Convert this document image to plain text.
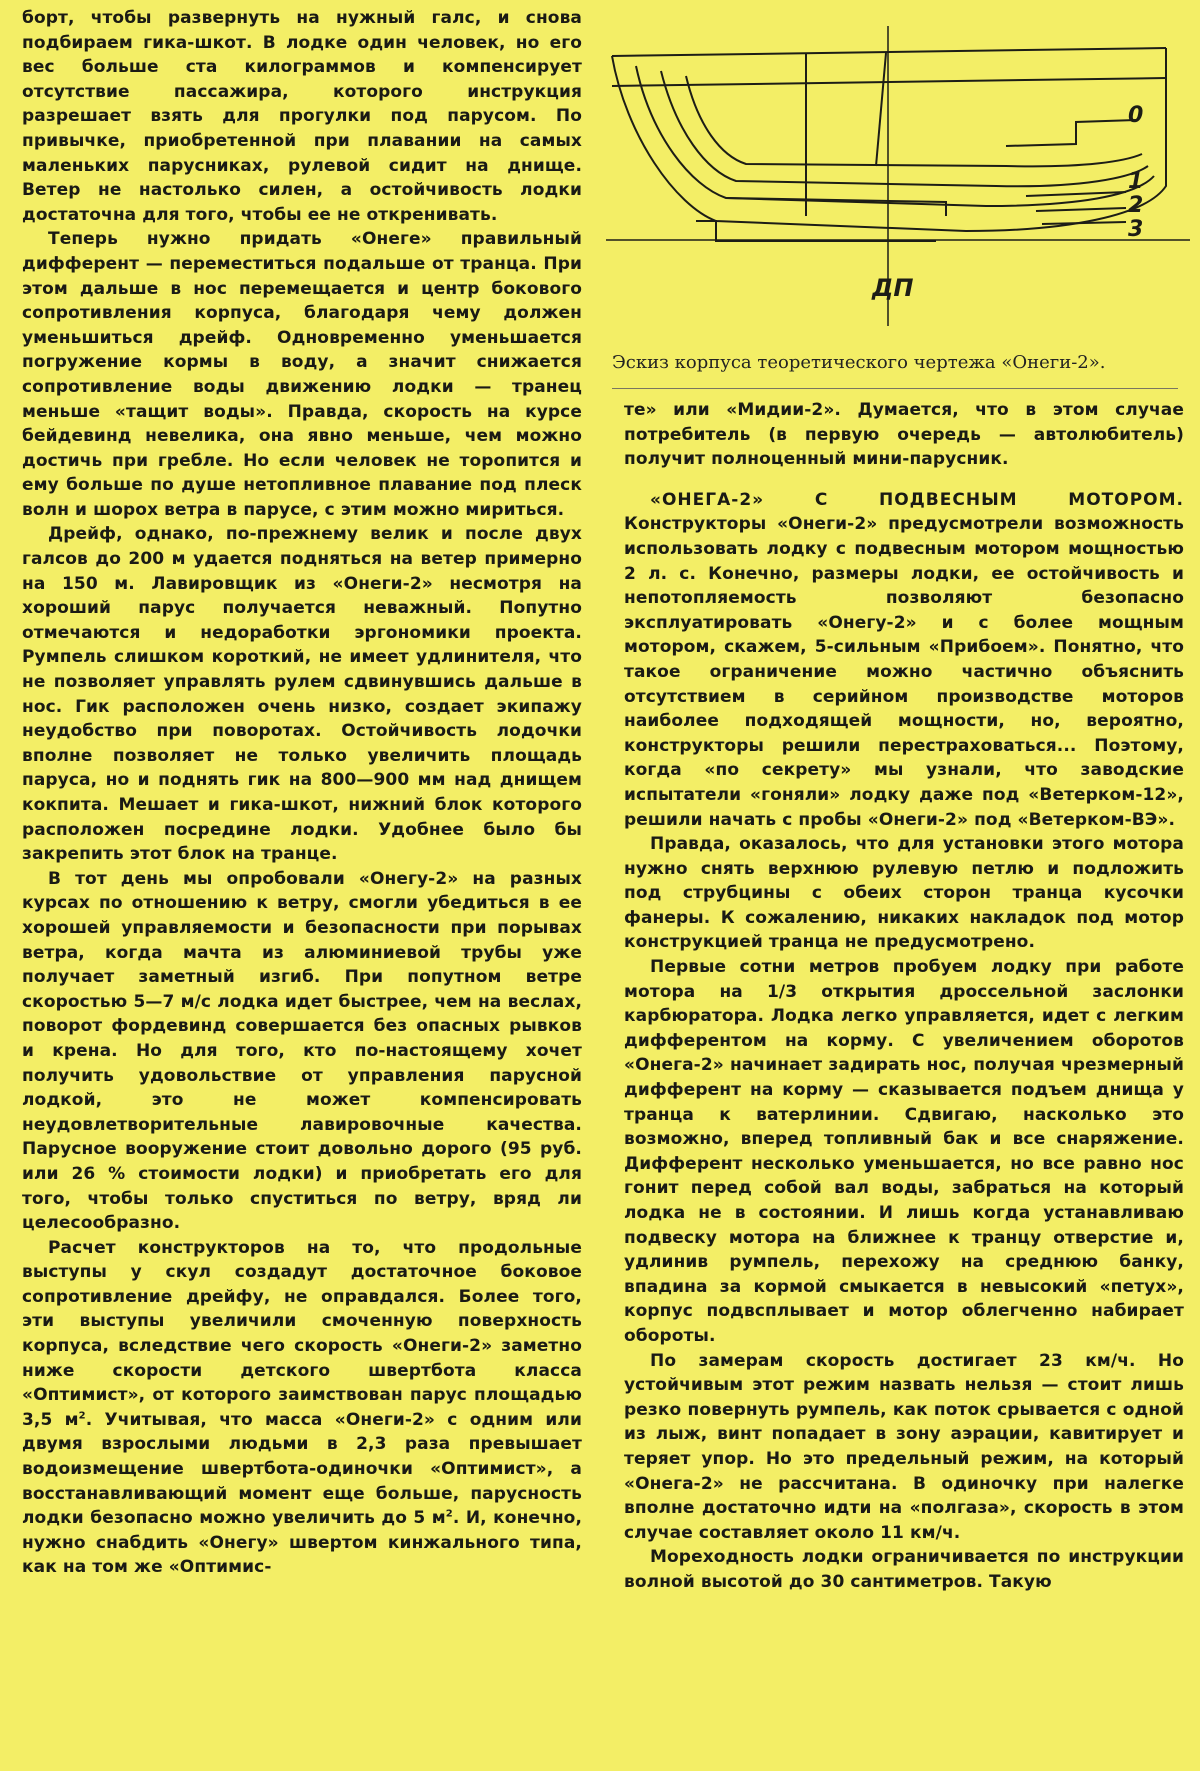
борт, чтобы развернуть на нужный галс, и снова подбираем гика-шкот. В лодке один человек, но его вес больше ста килограммов и компенсирует отсутствие пассажира, которого инструкция разрешает взять для прогулки под парусом. По привычке, приобретенной при плавании на самых маленьких парусниках, рулевой сидит на днище. Ветер не настолько силен, а остойчивость лодки достаточна для того, чтобы ее не откренивать.

Теперь нужно придать «Онеге» правильный дифферент — переместиться подальше от транца. При этом дальше в нос перемещается и центр бокового сопротивления корпуса, благодаря чему должен уменьшиться дрейф. Одновременно уменьшается погружение кормы в воду, а значит снижается сопротивление воды движению лодки — транец меньше «тащит воды». Правда, скорость на курсе бейдевинд невелика, она явно меньше, чем можно достичь при гребле. Но если человек не торопится и ему больше по душе нетопливное плавание под плеск волн и шорох ветра в парусе, с этим можно мириться.

Дрейф, однако, по-прежнему велик и после двух галсов до 200 м удается подняться на ветер примерно на 150 м. Лавировщик из «Онеги-2» несмотря на хороший парус получается неважный. Попутно отмечаются и недоработки эргономики проекта. Румпель слишком короткий, не имеет удлинителя, что не позволяет управлять рулем сдвинувшись дальше в нос. Гик расположен очень низко, создает экипажу неудобство при поворотах. Остойчивость лодочки вполне позволяет не только увеличить площадь паруса, но и поднять гик на 800—900 мм над днищем кокпита. Мешает и гика-шкот, нижний блок которого расположен посредине лодки. Удобнее было бы закрепить этот блок на транце.

В тот день мы опробовали «Онегу-2» на разных курсах по отношению к ветру, смогли убедиться в ее хорошей управляемости и безопасности при порывах ветра, когда мачта из алюминиевой трубы уже получает заметный изгиб. При попутном ветре скоростью 5—7 м/с лодка идет быстрее, чем на веслах, поворот фордевинд совершается без опасных рывков и крена. Но для того, кто по-настоящему хочет получить удовольствие от управления парусной лодкой, это не может компенсировать неудовлетворительные лавировочные качества. Парусное вооружение стоит довольно дорого (95 руб. или 26 % стоимости лодки) и приобретать его для того, чтобы только спуститься по ветру, вряд ли целесообразно.

Расчет конструкторов на то, что продольные выступы у скул создадут достаточное боковое сопротивление дрейфу, не оправдался. Более того, эти выступы увеличили смоченную поверхность корпуса, вследствие чего скорость «Онеги-2» заметно ниже скорости детского швертбота класса «Оптимист», от которого заимствован парус площадью 3,5 $м^2$. Учитывая, что масса «Онеги-2» с одним или двумя взрослыми людьми в 2,3 раза превышает водоизмещение швертбота-одиночки «Оптимист», а восстанавливающий момент еще больше, парусность лодки безопасно можно увеличить до 5 $м^2$. И, конечно, нужно снабдить «Онегу» швертом кинжального типа, как на том же «Оптимис-

0
1
2
3
ДП
Эскиз корпуса теоретического чертежа «Онеги-2».

те» или «Мидии-2». Думается, что в этом случае потребитель (в первую очередь — автолюбитель) получит полноценный мини-парусник.

«ОНЕГА-2» С ПОДВЕСНЫМ МОТОРОМ. Конструкторы «Онеги-2» предусмотрели возможность использовать лодку с подвесным мотором мощностью 2 л. с. Конечно, размеры лодки, ее остойчивость и непотопляемость позволяют безопасно эксплуатировать «Онегу-2» и с более мощным мотором, скажем, 5-сильным «Прибоем». Понятно, что такое ограничение можно частично объяснить отсутствием в серийном производстве моторов наиболее подходящей мощности, но, вероятно, конструкторы решили перестраховаться... Поэтому, когда «по секрету» мы узнали, что заводские испытатели «гоняли» лодку даже под «Ветерком-12», решили начать с пробы «Онеги-2» под «Ветерком-ВЭ».

Правда, оказалось, что для установки этого мотора нужно снять верхнюю рулевую петлю и подложить под струбцины с обеих сторон транца кусочки фанеры. К сожалению, никаких накладок под мотор конструкцией транца не предусмотрено.

Первые сотни метров пробуем лодку при работе мотора на 1/3 открытия дроссельной заслонки карбюратора. Лодка легко управляется, идет с легким дифферентом на корму. С увеличением оборотов «Онега-2» начинает задирать нос, получая чрезмерный дифферент на корму — сказывается подъем днища у транца к ватерлинии. Сдвигаю, насколько это возможно, вперед топливный бак и все снаряжение. Дифферент несколько уменьшается, но все равно нос гонит перед собой вал воды, забраться на который лодка не в состоянии. И лишь когда устанавливаю подвеску мотора на ближнее к транцу отверстие и, удлинив румпель, перехожу на среднюю банку, впадина за кормой смыкается в невысокий «петух», корпус подвсплывает и мотор облегченно набирает обороты.

По замерам скорость достигает 23 км/ч. Но устойчивым этот режим назвать нельзя — стоит лишь резко повернуть румпель, как поток срывается с одной из лыж, винт попадает в зону аэрации, кавитирует и теряет упор. Но это предельный режим, на который «Онега-2» не рассчитана. В одиночку при налегке вполне достаточно идти на «полгаза», скорость в этом случае составляет около 11 км/ч.

Мореходность лодки ограничивается по инструкции волной высотой до 30 сантиметров. Такую
